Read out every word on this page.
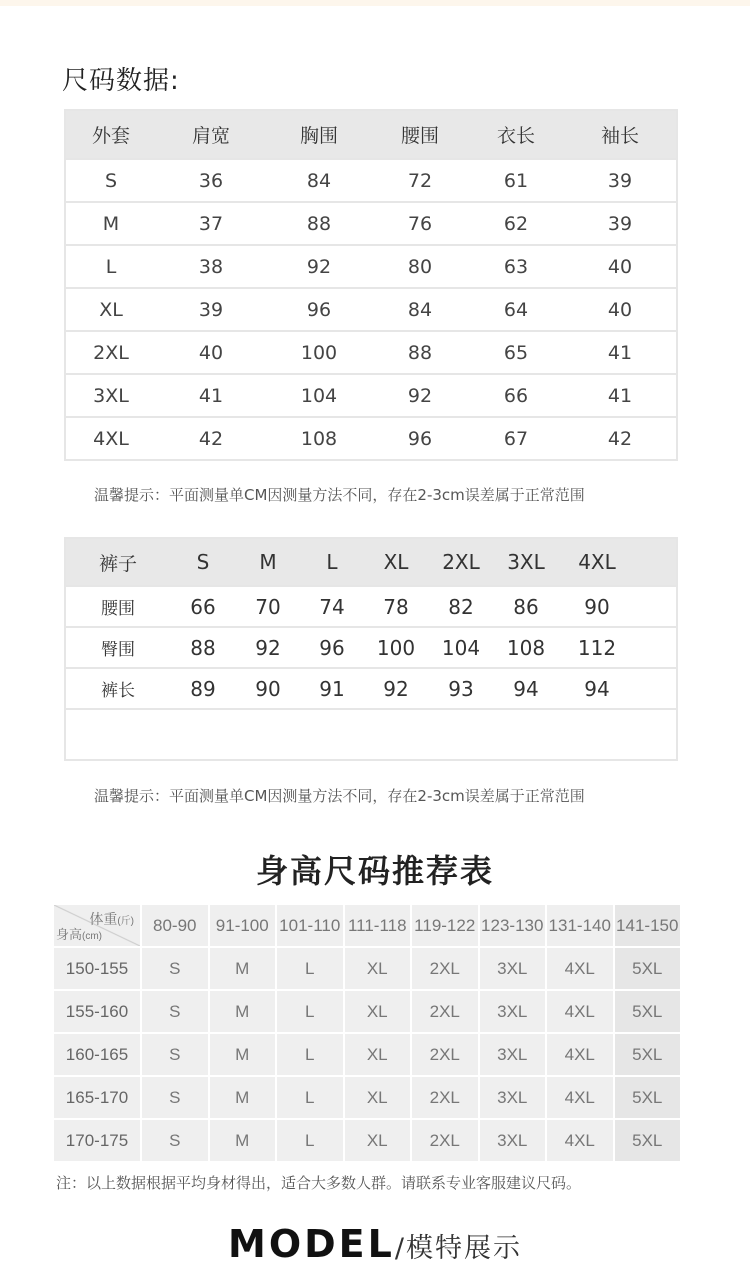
尺码数据:
外套	肩宽	胸围	腰围	衣长	袖长
S	36	84	72	61	39
M	37	88	76	62	39
L	38	92	80	63	40
XL	39	96	84	64	40
2XL	40	100	88	65	41
3XL	41	104	92	66	41
4XL	42	108	96	67	42
温馨提示：平面测量单CM因测量方法不同，存在2-3cm误差属于正常范围
裤子	S	M	L	XL	2XL	3XL	4XL	
腰围	66	70	74	78	82	86	90	
臀围	88	92	96	100	104	108	112	
裤长	89	90	91	92	93	94	94	

温馨提示：平面测量单CM因测量方法不同，存在2-3cm误差属于正常范围
身高尺码推荐表
体重(斤)
身高(cm)	80-90	91-100	101-110	111-118	119-122	123-130	131-140	141-150
150-155	S	M	L	XL	2XL	3XL	4XL	5XL
155-160	S	M	L	XL	2XL	3XL	4XL	5XL
160-165	S	M	L	XL	2XL	3XL	4XL	5XL
165-170	S	M	L	XL	2XL	3XL	4XL	5XL
170-175	S	M	L	XL	2XL	3XL	4XL	5XL
注：以上数据根据平均身材得出，适合大多数人群。请联系专业客服建议尺码。
MODEL/模特展示
